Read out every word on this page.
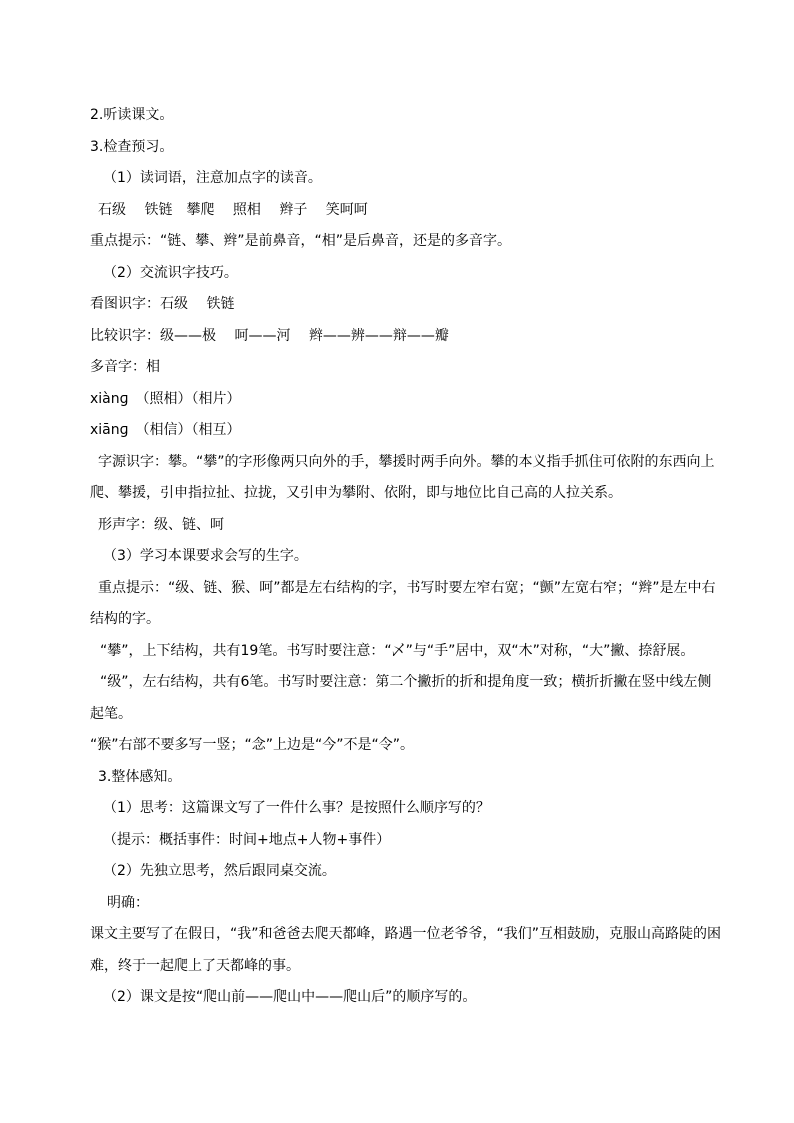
2.听读课文。
3.检查预习。
（1）读词语，注意加点字的读音。
石级　 铁链　攀爬　 照相　 辫子　 笑呵呵
重点提示：“链、攀、辫”是前鼻音，“相”是后鼻音，还是的多音字。
（2）交流识字技巧。
看图识字：石级　 铁链
比较识字：级——极　 呵——河　 辫——辨——辩——瓣
多音字：相
xiànɡ　（照相）（相片）
xiānɡ　（相信）（相互）
字源识字：攀。“攀”的字形像两只向外的手，攀援时两手向外。攀的本义指手抓住可依附的东西向上爬、攀援，引申指拉扯、拉拢，又引申为攀附、依附，即与地位比自己高的人拉关系。
形声字：级、链、呵
（3）学习本课要求会写的生字。
重点提示：“级、链、猴、呵”都是左右结构的字，书写时要左窄右宽；“颤”左宽右窄；“辫”是左中右结构的字。
“攀”，上下结构，共有19笔。书写时要注意：“乄”与“手”居中，双“木”对称，“大”撇、捺舒展。
“级”，左右结构，共有6笔。书写时要注意：第二个撇折的折和提角度一致；横折折撇在竖中线左侧起笔。
“猴”右部不要多写一竖；“念”上边是“今”不是“令”。
3.整体感知。
（1）思考：这篇课文写了一件什么事？是按照什么顺序写的？
（提示：概括事件：时间+地点+人物+事件）
（2）先独立思考，然后跟同桌交流。
明确：
课文主要写了在假日，“我”和爸爸去爬天都峰，路遇一位老爷爷，“我们”互相鼓励，克服山高路陡的困难，终于一起爬上了天都峰的事。
（2）课文是按“爬山前——爬山中——爬山后”的顺序写的。
